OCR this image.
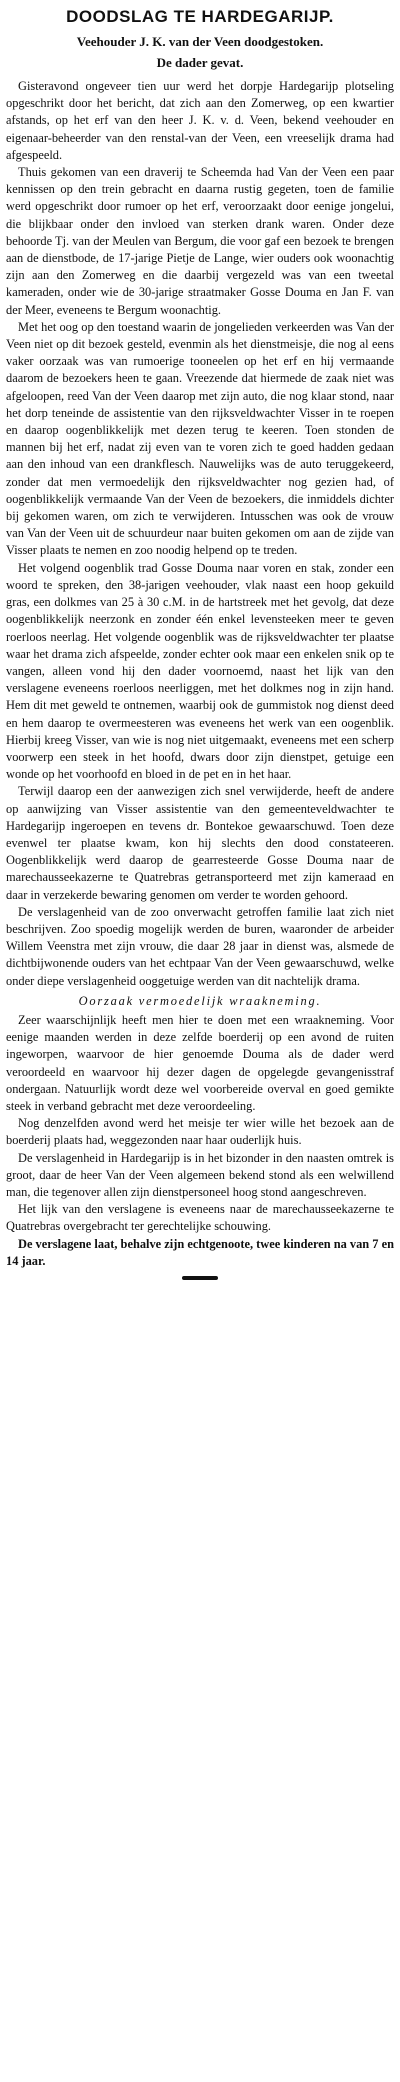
DOODSLAG TE HARDEGARIJP.
Veehouder J. K. van der Veen doodgestoken.
De dader gevat.

Gisteravond ongeveer tien uur werd het dorpje Hardegarijp plotseling opgeschrikt door het bericht, dat zich aan den Zomerweg, op een kwartier afstands, op het erf van den heer J. K. v. d. Veen, bekend veehouder en eigenaar-beheerder van den renstal-van der Veen, een vreeselijk drama had afgespeeld.

Thuis gekomen van een draverij te Scheemda had Van der Veen een paar kennissen op den trein gebracht en daarna rustig gegeten, toen de familie werd opgeschrikt door rumoer op het erf, veroorzaakt door eenige jongelui, die blijkbaar onder den invloed van sterken drank waren. Onder deze behoorde Tj. van der Meulen van Bergum, die voor gaf een bezoek te brengen aan de dienstbode, de 17-jarige Pietje de Lange, wier ouders ook woonachtig zijn aan den Zomerweg en die daarbij vergezeld was van een tweetal kameraden, onder wie de 30-jarige straatmaker Gosse Douma en Jan F. van der Meer, eveneens te Bergum woonachtig.

Met het oog op den toestand waarin de jongelieden verkeerden was Van der Veen niet op dit bezoek gesteld, evenmin als het dienstmeisje, die nog al eens vaker oorzaak was van rumoerige tooneelen op het erf en hij vermaande daarom de bezoekers heen te gaan. Vreezende dat hiermede de zaak niet was afgeloopen, reed Van der Veen daarop met zijn auto, die nog klaar stond, naar het dorp teneinde de assistentie van den rijksveldwachter Visser in te roepen en daarop oogenblikkelijk met dezen terug te keeren. Toen stonden de mannen bij het erf, nadat zij even van te voren zich te goed hadden gedaan aan den inhoud van een drankflesch. Nauwelijks was de auto teruggekeerd, zonder dat men vermoedelijk den rijksveldwachter nog gezien had, of oogenblikkelijk vermaande Van der Veen de bezoekers, die inmiddels dichter bij gekomen waren, om zich te verwijderen. Intusschen was ook de vrouw van Van der Veen uit de schuurdeur naar buiten gekomen om aan de zijde van Visser plaats te nemen en zoo noodig helpend op te treden.

Het volgend oogenblik trad Gosse Douma naar voren en stak, zonder een woord te spreken, den 38-jarigen veehouder, vlak naast een hoop gekuild gras, een dolkmes van 25 à 30 c.M. in de hartstreek met het gevolg, dat deze oogenblikkelijk neerzonk en zonder één enkel levensteeken meer te geven roerloos neerlag. Het volgende oogenblik was de rijksveldwachter ter plaatse waar het drama zich afspeelde, zonder echter ook maar een enkelen snik op te vangen, alleen vond hij den dader voornoemd, naast het lijk van den verslagene eveneens roerloos neerliggen, met het dolkmes nog in zijn hand. Hem dit met geweld te ontnemen, waarbij ook de gummistok nog dienst deed en hem daarop te overmeesteren was eveneens het werk van een oogenblik. Hierbij kreeg Visser, van wie is nog niet uitgemaakt, eveneens met een scherp voorwerp een steek in het hoofd, dwars door zijn dienstpet, getuige een wonde op het voorhoofd en bloed in de pet en in het haar.

Terwijl daarop een der aanwezigen zich snel verwijderde, heeft de andere op aanwijzing van Visser assistentie van den gemeenteveldwachter te Hardegarijp ingeroepen en tevens dr. Bontekoe gewaarschuwd. Toen deze evenwel ter plaatse kwam, kon hij slechts den dood constateeren. Oogenblikkelijk werd daarop de gearresteerde Gosse Douma naar de marechausseekazerne te Quatrebras getransporteerd met zijn kameraad en daar in verzekerde bewaring genomen om verder te worden gehoord.

De verslagenheid van de zoo onverwacht getroffen familie laat zich niet beschrijven. Zoo spoedig mogelijk werden de buren, waaronder de arbeider Willem Veenstra met zijn vrouw, die daar 28 jaar in dienst was, alsmede de dichtbijwonende ouders van het echtpaar Van der Veen gewaarschuwd, welke onder diepe verslagenheid ooggetuige werden van dit nachtelijk drama.

Oorzaak vermoedelijk wraakneming.

Zeer waarschijnlijk heeft men hier te doen met een wraakneming. Voor eenige maanden werden in deze zelfde boerderij op een avond de ruiten ingeworpen, waarvoor de hier genoemde Douma als de dader werd veroordeeld en waarvoor hij dezer dagen de opgelegde gevangenisstraf ondergaan. Natuurlijk wordt deze wel voorbereide overval en goed gemikte steek in verband gebracht met deze veroordeeling.

Nog denzelfden avond werd het meisje ter wier wille het bezoek aan de boerderij plaats had, weggezonden naar haar ouderlijk huis.

De verslagenheid in Hardegarijp is in het bizonder in den naasten omtrek is groot, daar de heer Van der Veen algemeen bekend stond als een welwillend man, die tegenover allen zijn dienstpersoneel hoog stond aangeschreven.

Het lijk van den verslagene is eveneens naar de marechausseekazerne te Quatrebras overgebracht ter gerechtelijke schouwing.

De verslagene laat, behalve zijn echtgenoote, twee kinderen na van 7 en 14 jaar.
